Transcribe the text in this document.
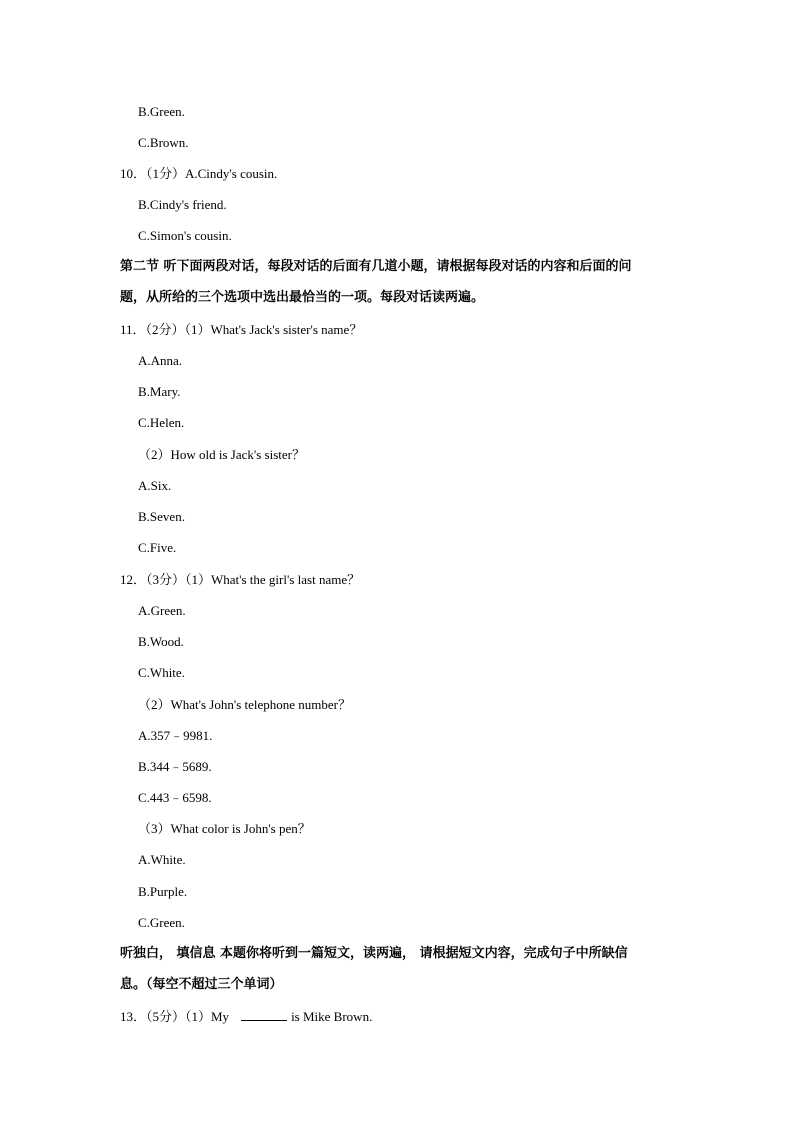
B.Green.
C.Brown.
10．（1分）A.Cindy's cousin.
B.Cindy's friend.
C.Simon's cousin.
第二节 听下面两段对话，每段对话的后面有几道小题，请根据每段对话的内容和后面的问
题，从所给的三个选项中选出最恰当的一项。每段对话读两遍。
11．（2分）（1）What's Jack's sister's name？
A.Anna.
B.Mary.
C.Helen.
（2）How old is Jack's sister？
A.Six.
B.Seven.
C.Five.
12．（3分）（1）What's the girl's last name？
A.Green.
B.Wood.
C.White.
（2）What's John's telephone number？
A.357﹣9981.
B.344﹣5689.
C.443﹣6598.
（3）What color is John's pen？
A.White.
B.Purple.
C.Green.
听独白， 填信息 本题你将听到一篇短文，读两遍， 请根据短文内容，完成句子中所缺信
息。（每空不超过三个单词）
13．（5分）（1）My	is Mike Brown.
